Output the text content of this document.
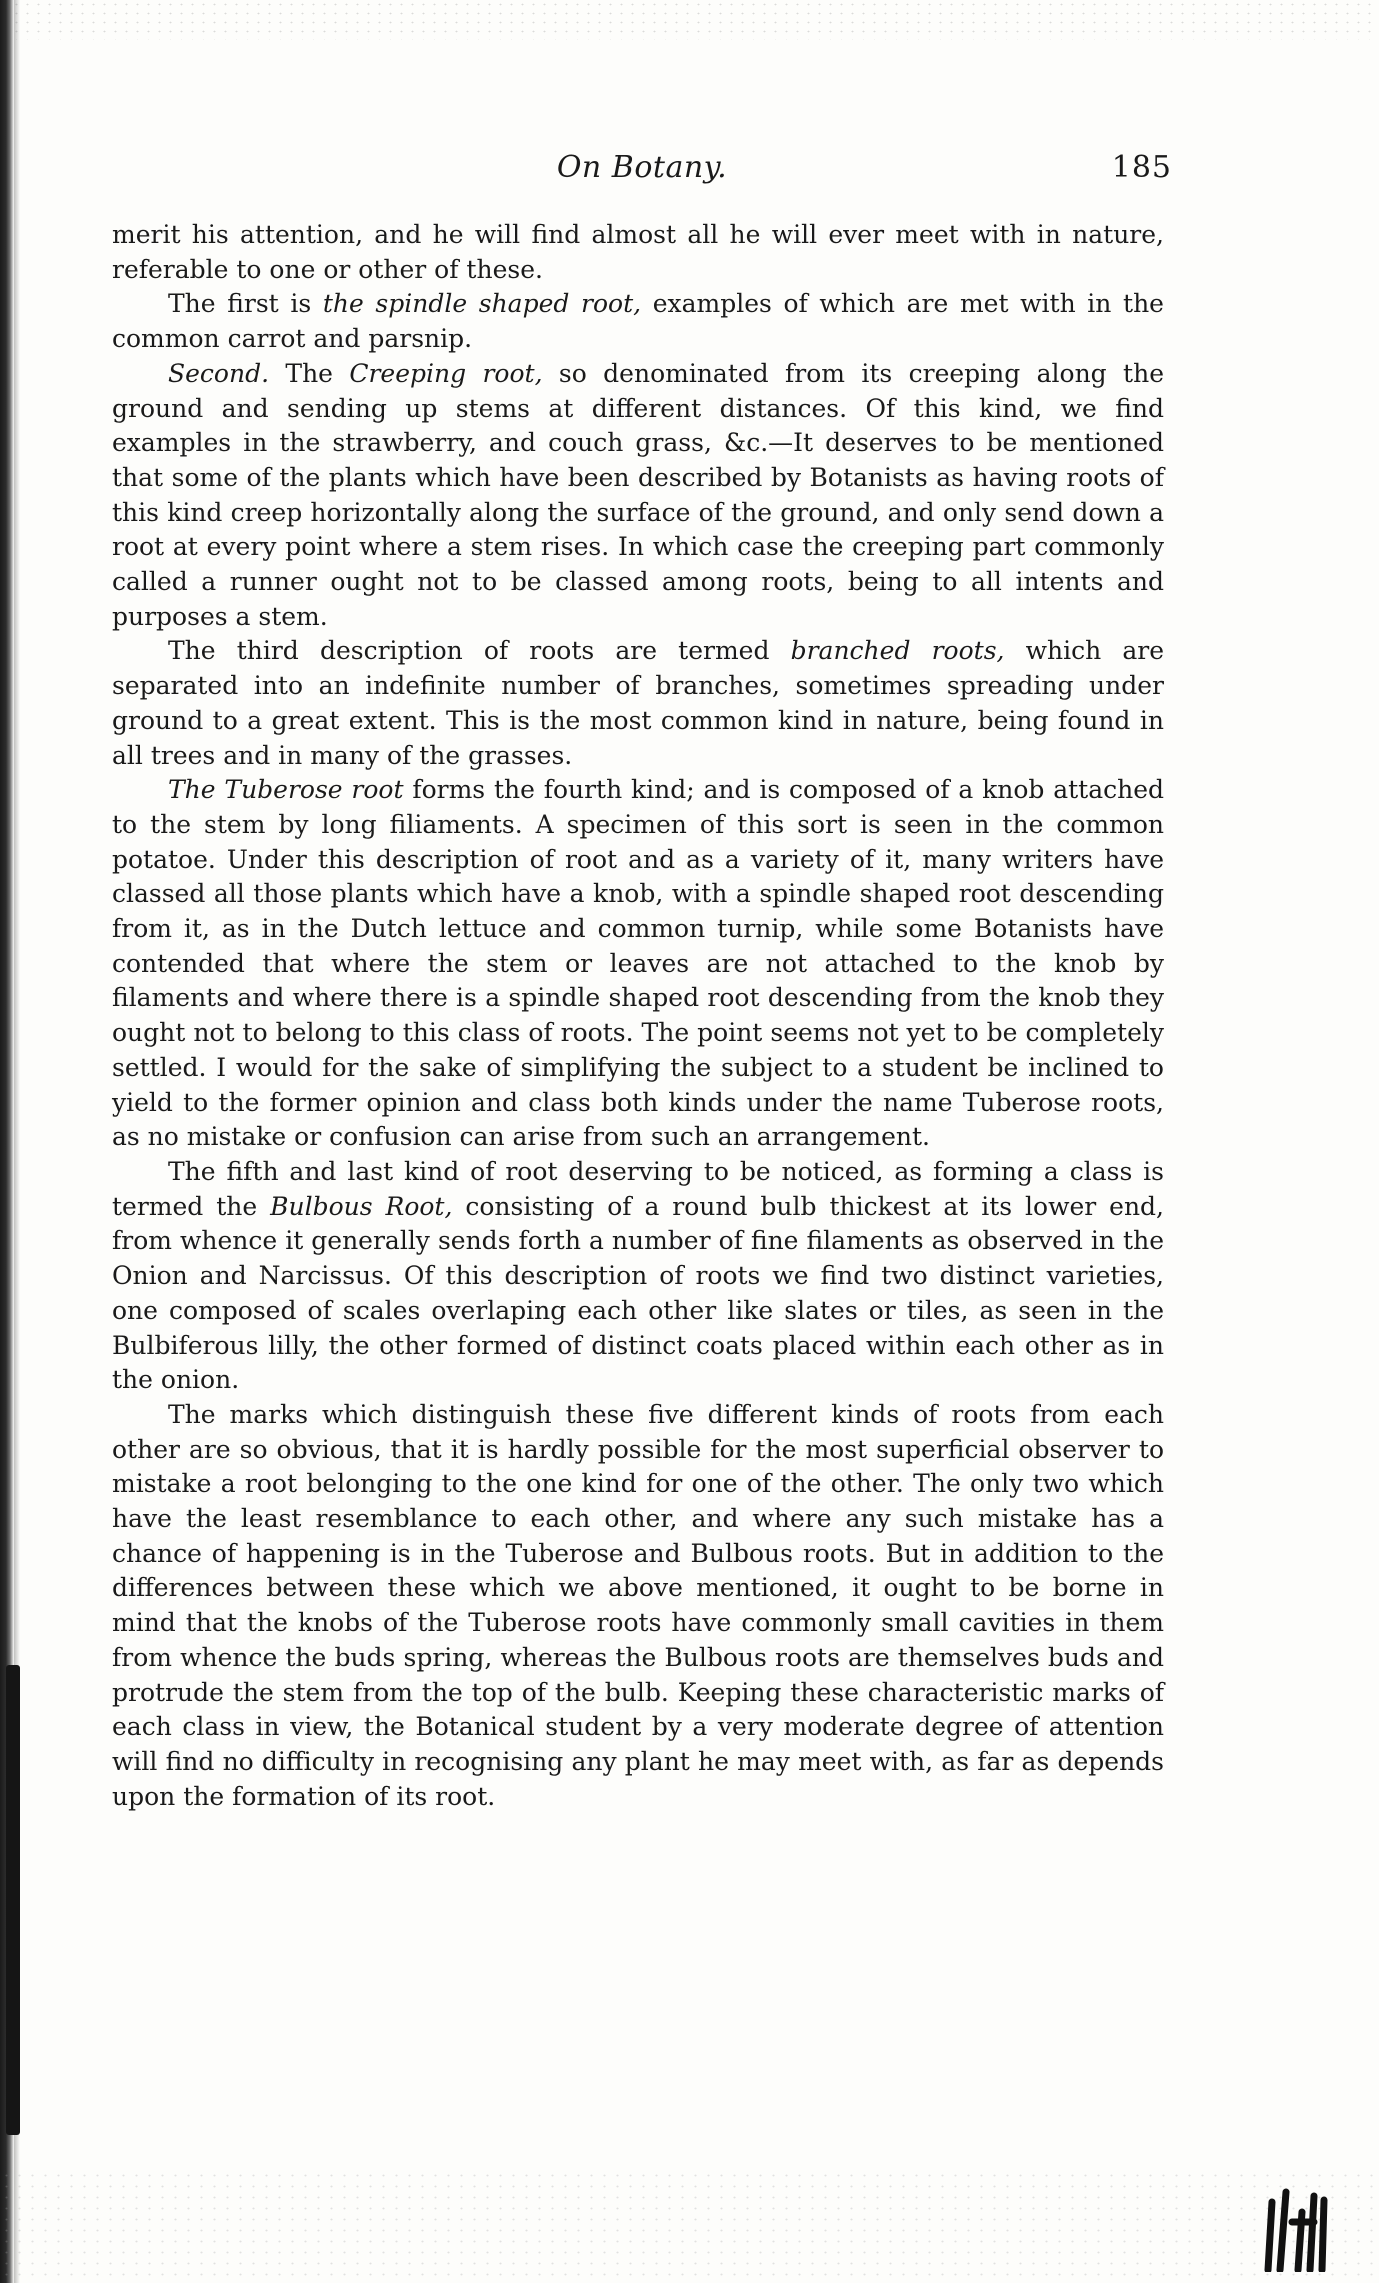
On Botany.	185

merit his attention, and he will find almost all he will ever meet with in nature, referable to one or other of these.

The first is the spindle shaped root, examples of which are met with in the common carrot and parsnip.

Second. The Creeping root, so denominated from its creeping along the ground and sending up stems at different distances. Of this kind, we find examples in the strawberry, and couch grass, &c.—It deserves to be mentioned that some of the plants which have been described by Botanists as having roots of this kind creep horizontally along the surface of the ground, and only send down a root at every point where a stem rises. In which case the creeping part commonly called a runner ought not to be classed among roots, being to all intents and purposes a stem.

The third description of roots are termed branched roots, which are separated into an indefinite number of branches, sometimes spreading under ground to a great extent. This is the most common kind in nature, being found in all trees and in many of the grasses.

The Tuberose root forms the fourth kind; and is composed of a knob attached to the stem by long filiaments. A specimen of this sort is seen in the common potatoe. Under this description of root and as a variety of it, many writers have classed all those plants which have a knob, with a spindle shaped root descending from it, as in the Dutch lettuce and common turnip, while some Botanists have contended that where the stem or leaves are not attached to the knob by filaments and where there is a spindle shaped root descending from the knob they ought not to belong to this class of roots. The point seems not yet to be completely settled. I would for the sake of simplifying the subject to a student be inclined to yield to the former opinion and class both kinds under the name Tuberose roots, as no mistake or confusion can arise from such an arrangement.

The fifth and last kind of root deserving to be noticed, as forming a class is termed the Bulbous Root, consisting of a round bulb thickest at its lower end, from whence it generally sends forth a number of fine filaments as observed in the Onion and Narcissus. Of this description of roots we find two distinct varieties, one composed of scales overlaping each other like slates or tiles, as seen in the Bulbiferous lilly, the other formed of distinct coats placed within each other as in the onion.

The marks which distinguish these five different kinds of roots from each other are so obvious, that it is hardly possible for the most superficial observer to mistake a root belonging to the one kind for one of the other. The only two which have the least resemblance to each other, and where any such mistake has a chance of happening is in the Tuberose and Bulbous roots. But in addition to the differences between these which we above mentioned, it ought to be borne in mind that the knobs of the Tuberose roots have commonly small cavities in them from whence the buds spring, whereas the Bulbous roots are themselves buds and protrude the stem from the top of the bulb. Keeping these characteristic marks of each class in view, the Botanical student by a very moderate degree of attention will find no difficulty in recognising any plant he may meet with, as far as depends upon the formation of its root.
